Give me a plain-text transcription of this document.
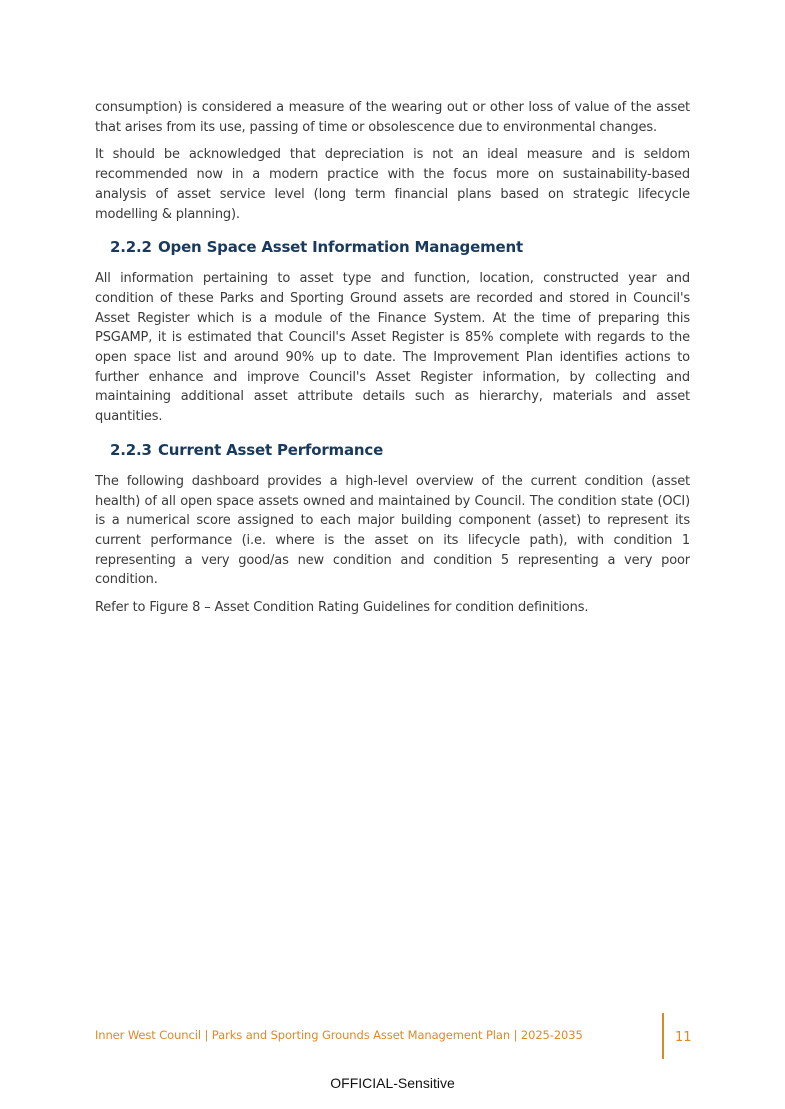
consumption) is considered a measure of the wearing out or other loss of value of the asset that arises from its use, passing of time or obsolescence due to environmental changes.

It should be acknowledged that depreciation is not an ideal measure and is seldom recommended now in a modern practice with the focus more on sustainability-based analysis of asset service level (long term financial plans based on strategic lifecycle modelling & planning).

2.2.2 Open Space Asset Information Management

All information pertaining to asset type and function, location, constructed year and condition of these Parks and Sporting Ground assets are recorded and stored in Council's Asset Register which is a module of the Finance System. At the time of preparing this PSGAMP, it is estimated that Council's Asset Register is 85% complete with regards to the open space list and around 90% up to date. The Improvement Plan identifies actions to further enhance and improve Council's Asset Register information, by collecting and maintaining additional asset attribute details such as hierarchy, materials and asset quantities.

2.2.3 Current Asset Performance

The following dashboard provides a high-level overview of the current condition (asset health) of all open space assets owned and maintained by Council. The condition state (OCI) is a numerical score assigned to each major building component (asset) to represent its current performance (i.e. where is the asset on its lifecycle path), with condition 1 representing a very good/as new condition and condition 5 representing a very poor condition.

Refer to Figure 8 – Asset Condition Rating Guidelines for condition definitions.

Inner West Council | Parks and Sporting Grounds Asset Management Plan | 2025-2035	11
OFFICIAL-Sensitive
